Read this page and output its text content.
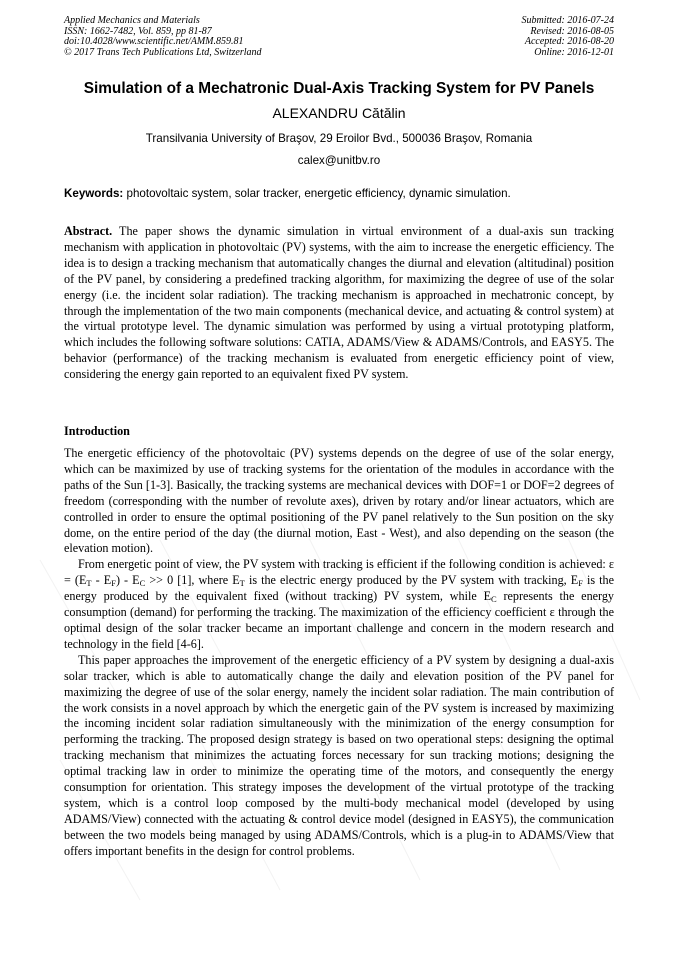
Applied Mechanics and Materials
ISSN: 1662-7482, Vol. 859, pp 81-87
doi:10.4028/www.scientific.net/AMM.859.81
© 2017 Trans Tech Publications Ltd, Switzerland
Submitted: 2016-07-24
Revised: 2016-08-05
Accepted: 2016-08-20
Online: 2016-12-01
Simulation of a Mechatronic Dual-Axis Tracking System for PV Panels
ALEXANDRU Cătălin
Transilvania University of Braşov, 29 Eroilor Bvd., 500036 Braşov, Romania
calex@unitbv.ro
Keywords: photovoltaic system, solar tracker, energetic efficiency, dynamic simulation.

Abstract. The paper shows the dynamic simulation in virtual environment of a dual-axis sun tracking mechanism with application in photovoltaic (PV) systems, with the aim to increase the energetic efficiency. The idea is to design a tracking mechanism that automatically changes the diurnal and elevation (altitudinal) position of the PV panel, by considering a predefined tracking algorithm, for maximizing the degree of use of the solar energy (i.e. the incident solar radiation). The tracking mechanism is approached in mechatronic concept, by through the implementation of the two main components (mechanical device, and actuating & control system) at the virtual prototype level. The dynamic simulation was performed by using a virtual prototyping platform, which includes the following software solutions: CATIA, ADAMS/View & ADAMS/Controls, and EASY5. The behavior (performance) of the tracking mechanism is evaluated from energetic efficiency point of view, considering the energy gain reported to an equivalent fixed PV system.

Introduction

The energetic efficiency of the photovoltaic (PV) systems depends on the degree of use of the solar energy, which can be maximized by use of tracking systems for the orientation of the modules in accordance with the paths of the Sun [1-3]. Basically, the tracking systems are mechanical devices with DOF=1 or DOF=2 degrees of freedom (corresponding with the number of revolute axes), driven by rotary and/or linear actuators, which are controlled in order to ensure the optimal positioning of the PV panel relatively to the Sun position on the sky dome, on the entire period of the day (the diurnal motion, East - West), and also depending on the season (the elevation motion).

From energetic point of view, the PV system with tracking is efficient if the following condition is achieved: $\varepsilon = (E_T - E_F) - E_C >> 0$ [1], where $E_T$ is the electric energy produced by the PV system with tracking, $E_F$ is the energy produced by the equivalent fixed (without tracking) PV system, while $E_C$ represents the energy consumption (demand) for performing the tracking. The maximization of the efficiency coefficient ε through the optimal design of the solar tracker became an important challenge and concern in the modern research and technology in the field [4-6].

This paper approaches the improvement of the energetic efficiency of a PV system by designing a dual-axis solar tracker, which is able to automatically change the daily and elevation position of the PV panel for maximizing the degree of use of the solar energy, namely the incident solar radiation. The main contribution of the work consists in a novel approach by which the energetic gain of the PV system is increased by maximizing the incoming incident solar radiation simultaneously with the minimization of the energy consumption for performing the tracking. The proposed design strategy is based on two operational steps: designing the optimal tracking mechanism that minimizes the actuating forces necessary for sun tracking motions; designing the optimal tracking law in order to minimize the operating time of the motors, and consequently the energy consumption for orientation. This strategy imposes the development of the virtual prototype of the tracking system, which is a control loop composed by the multi-body mechanical model (developed by using ADAMS/View) connected with the actuating & control device model (designed in EASY5), the communication between the two models being managed by using ADAMS/Controls, which is a plug-in to ADAMS/View that offers important benefits in the design for control problems.
